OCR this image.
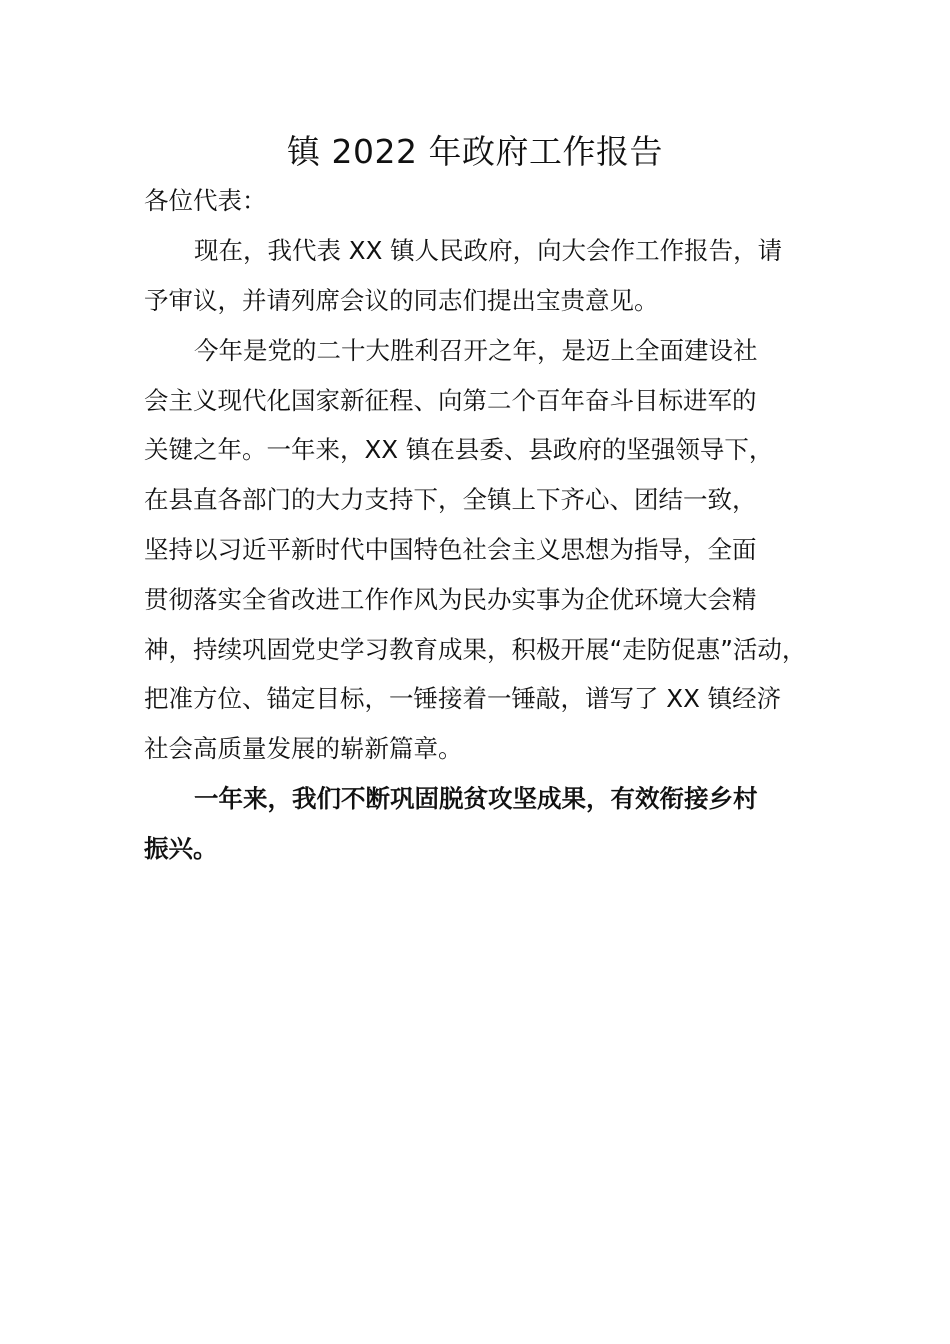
镇 2022 年政府工作报告
各位代表：
现在，我代表 XX 镇人民政府，向大会作工作报告，请
予审议，并请列席会议的同志们提出宝贵意见。
今年是党的二十大胜利召开之年，是迈上全面建设社
会主义现代化国家新征程、向第二个百年奋斗目标进军的
关键之年。一年来，XX 镇在县委、县政府的坚强领导下，
在县直各部门的大力支持下，全镇上下齐心、团结一致，
坚持以习近平新时代中国特色社会主义思想为指导，全面
贯彻落实全省改进工作作风为民办实事为企优环境大会精
神，持续巩固党史学习教育成果，积极开展“走防促惠”活动，
把准方位、锚定目标，一锤接着一锤敲，谱写了 XX 镇经济
社会高质量发展的崭新篇章。
一年来，我们不断巩固脱贫攻坚成果，有效衔接乡村
振兴。
